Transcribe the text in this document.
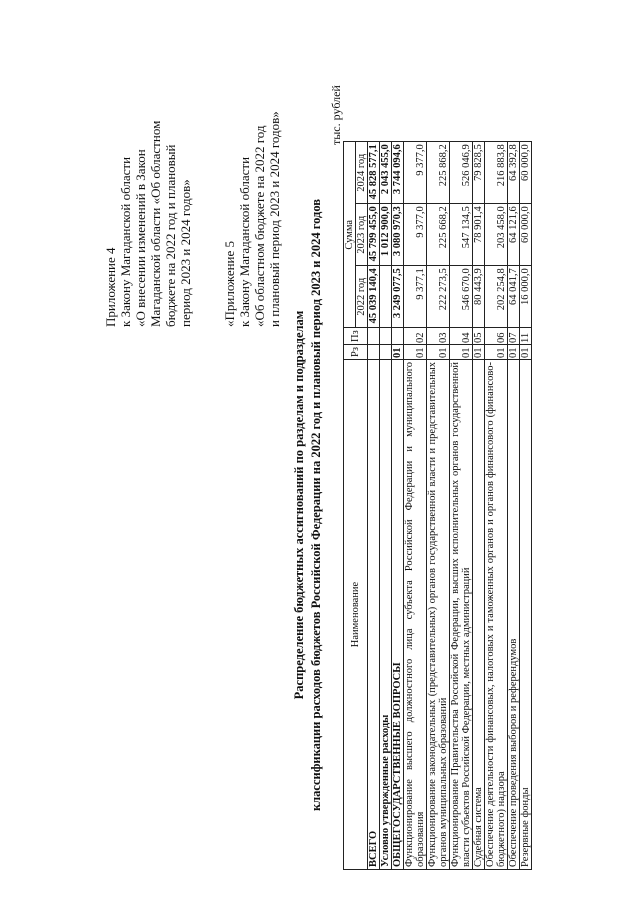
Приложение 4 к Закону Магаданской области «О внесении изменений в Закон Магаданской области «Об областном бюджете на 2022 год и плановый период 2023 и 2024 годов» «Приложение 5 к Закону Магаданской области «Об областном бюджете на 2022 год и плановый период 2023 и 2024 годов»
Распределение бюджетных ассигнований по разделам и подразделам классификации расходов бюджетов Российской Федерации на 2022 год и плановый период 2023 и 2024 годов
тыс. рублей
Наименование	Рз	Пз	Сумма		
			2022 год	2023 год	2024 год
ВСЕГО			45 039 140,4	45 799 455,0	45 828 577,1
Условно утвержденные расходы				1 012 900,0	2 043 455,0
ОБЩЕГОСУДАРСТВЕННЫЕ ВОПРОСЫ	01		3 249 077,5	3 080 970,3	3 744 094,6
Функционирование высшего должностного лица субъекта Российской Федерации и муниципального образования	01	02	9 377,1	9 377,0	9 377,0
Функционирование законодательных (представительных) органов государственной власти и представительных органов муниципальных образований	01	03	222 273,5	225 668,2	225 868,2
Функционирование Правительства Российской Федерации, высших исполнительных органов государственной власти субъектов Российской Федерации, местных администраций	01	04	546 670,0	547 134,5	526 046,9
Судебная система	01	05	80 443,9	78 901,4	79 828,5
Обеспечение деятельности финансовых, налоговых и таможенных органов и органов финансового (финансово-бюджетного) надзора	01	06	202 254,8	203 458,0	216 883,8
Обеспечение проведения выборов и референдумов	01	07	64 041,7	64 121,6	64 392,8
Резервные фонды	01	11	16 000,0	60 000,0	60 000,0
